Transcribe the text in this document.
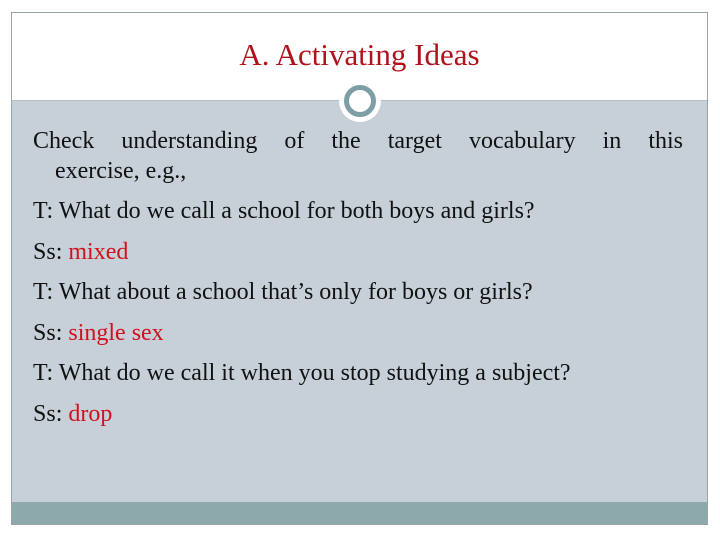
A. Activating Ideas
Check understanding of the target vocabulary in this
exercise, e.g.,
T: What do we call a school for both boys and girls?
Ss: mixed
T: What about a school that’s only for boys or girls?
Ss: single sex
T: What do we call it when you stop studying a subject?
Ss: drop
